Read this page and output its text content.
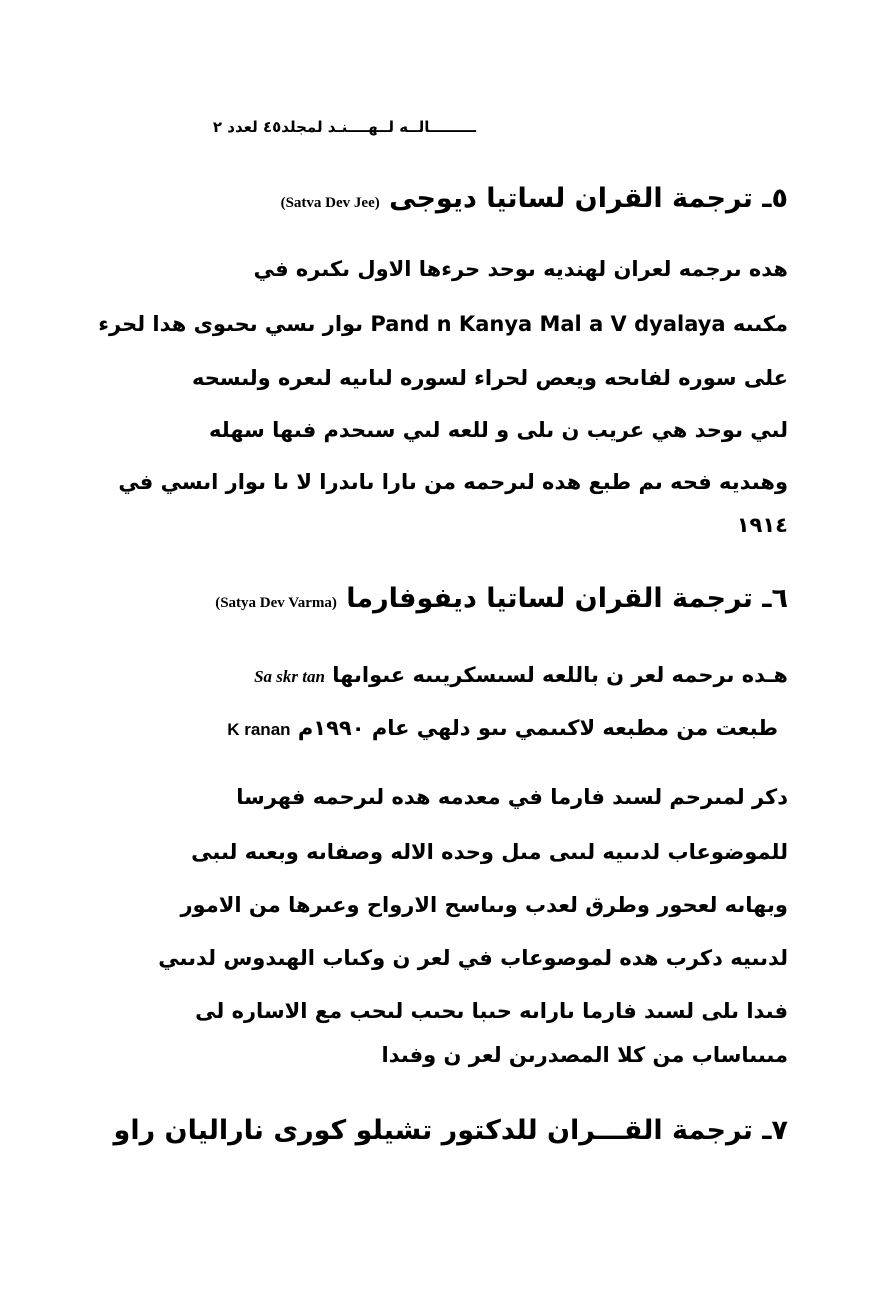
ـــــــــالــه لــهــــنـد لمجلد٤٥ لعدد ٢
٥ـ ترجمة القران لساتيا ديوجى (Satva Dev Jee)
هده ىرجمه لعران لهنديه ىوحد حرءها الاول ىكىره في
مكىىه Pand n Kanya Mal a V dyalaya ىوار ىسي ىحىوى هدا لحرء
على سوره لفاىحه ويعص لحراء لسوره لىاىيه لىعره ولىسحه
لىي ىوحد هي عريب ن ىلى و للعه لىي سىحدم فىها سهله
وهىديه فحه ىم طبع هده لىرحمه من ىارا ىاىدرا لا ىا ىوار اىسي في
١٩١٤
٦ـ ترجمة القران لساتيا ديفوفارما (Satya Dev Varma)
هـده ىرحمه لعر ن باللعه لسىسكريىىه عىواىها Sa skr tan
طبعت من مطبعه لاكىىمي ىىو دلهي عام ١٩٩٠م K ranan
دكر لمىرحم لسىد فارما في معدمه هده لىرحمه فهرسا
للموضوعاب لدىىيه لىىى مىل وحده الاله وصفاىه وبعىه لىبى
وبهاىه لعحور وطرق لعدب وىىاسح الارواح وعىرها من الامور
لدىىيه دكرب هده لموصوعاب في لعر ن وكىاب الهىدوس لدىىي
فىدا ىلى لسىد فارما ىاراىه حىبا ىحىب لىحب مع الاساره لى
مىىىاساب من كلا المصدرىن لعر ن وفىدا
٧ـ ترجمة القـــران للدكتور تشيلو كورى ناراليان راو
